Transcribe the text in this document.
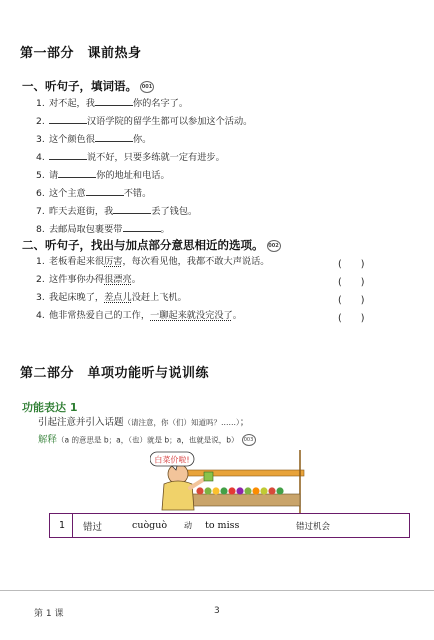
第一部分　课前热身
一、听句子，填词语。 001
1. 对不起，我	你的名字了。
2.	汉语学院的留学生都可以参加这个活动。
3. 这个颜色很	你。
4.	说不好，只要多练就一定有进步。
5. 请	你的地址和电话。
6. 这个主意	不错。
7. 昨天去逛街，我	丢了钱包。
8. 去邮局取包裹要带	。
二、听句子，找出与加点部分意思相近的选项。 002
1. 老板看起来很厉害，每次看见他，我都不敢大声说话。	(　　)
2. 这件事你办得很漂亮。	(　　)
3. 我起床晚了，差点儿没赶上飞机。	(　　)
4. 他非常热爱自己的工作，一聊起来就没完没了。	(　　)
第二部分　单项功能听与说训练
功能表达 1
引起注意并引入话题（请注意，你（们）知道吗？……）；
解释（a 的意思是 b；a，（也）就是 b；a，也就是说，b） 003
白菜价啦!
1 错过	cuòguò 动 to miss	错过机会
第 1 课	3
